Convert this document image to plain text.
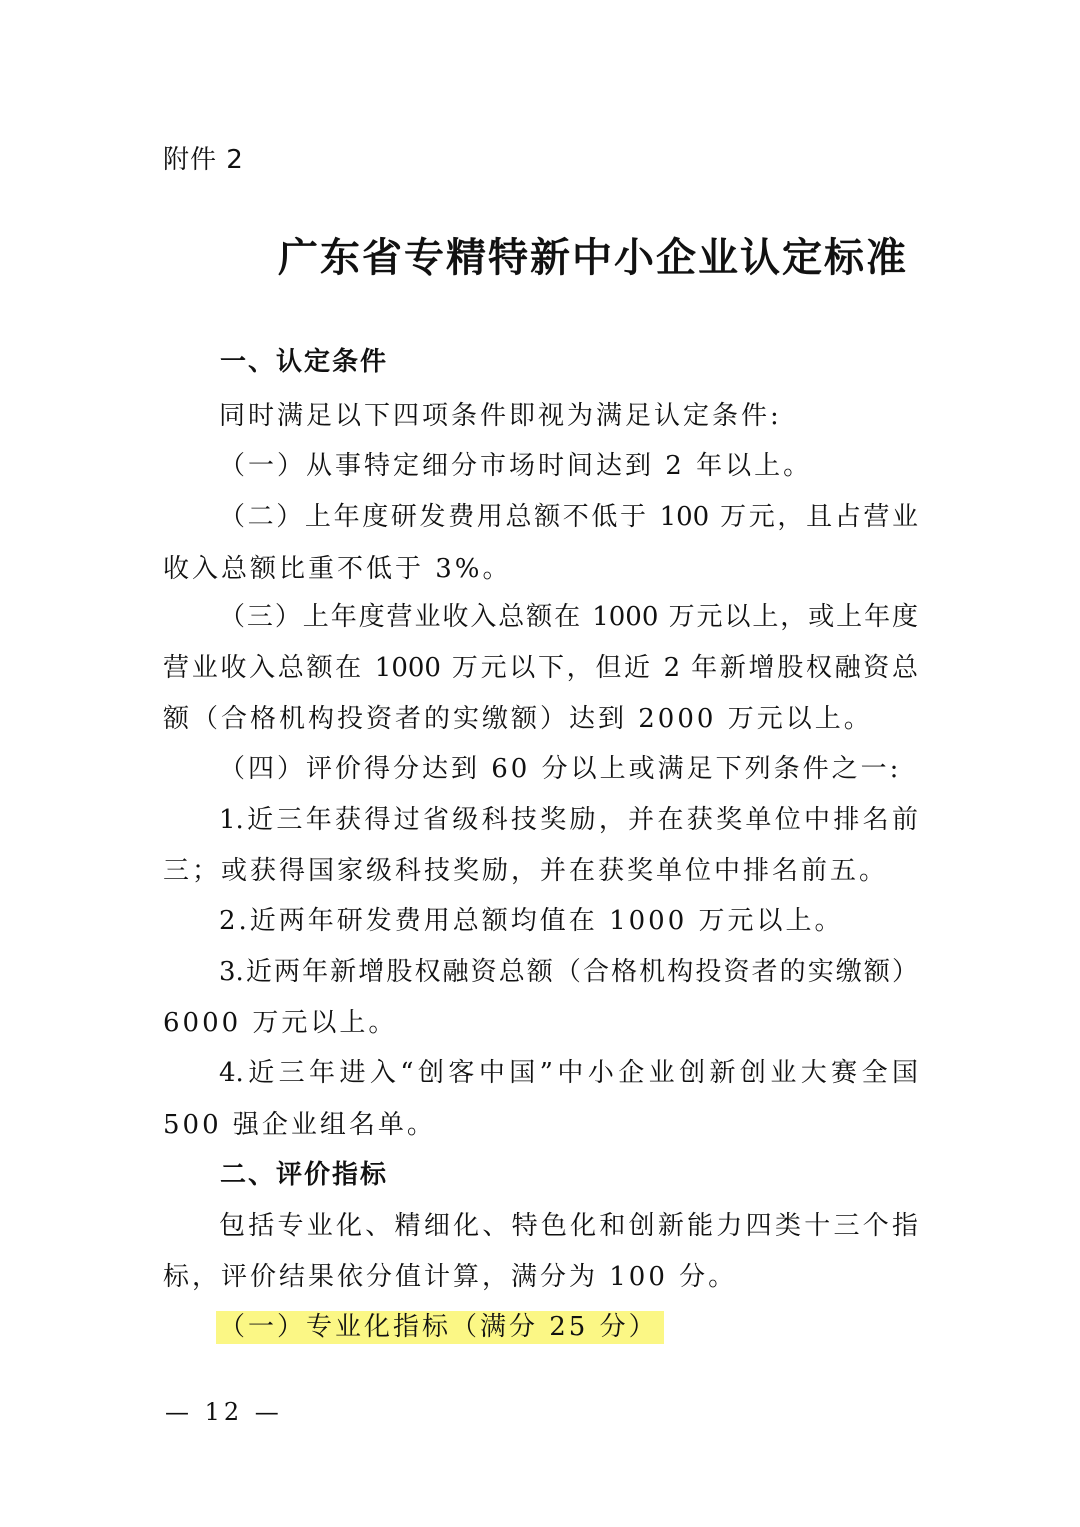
附件 2
广东省专精特新中小企业认定标准
一、认定条件
同时满足以下四项条件即视为满足认定条件:
（一）从事特定细分市场时间达到 2 年以上。
（二）上年度研发费用总额不低于 100 万元，且占营业
收入总额比重不低于 3%。
（三）上年度营业收入总额在 1000 万元以上，或上年度
营业收入总额在 1000 万元以下，但近 2 年新增股权融资总
额（合格机构投资者的实缴额）达到 2000 万元以上。
（四）评价得分达到 60 分以上或满足下列条件之一:
1.近三年获得过省级科技奖励，并在获奖单位中排名前
三；或获得国家级科技奖励，并在获奖单位中排名前五。
2.近两年研发费用总额均值在 1000 万元以上。
3.近两年新增股权融资总额（合格机构投资者的实缴额）
6000 万元以上。
4.近三年进入“创客中国”中小企业创新创业大赛全国
500 强企业组名单。
二、评价指标
包括专业化、精细化、特色化和创新能力四类十三个指
标，评价结果依分值计算，满分为 100 分。
（一）专业化指标（满分 25 分）
— 12 —
